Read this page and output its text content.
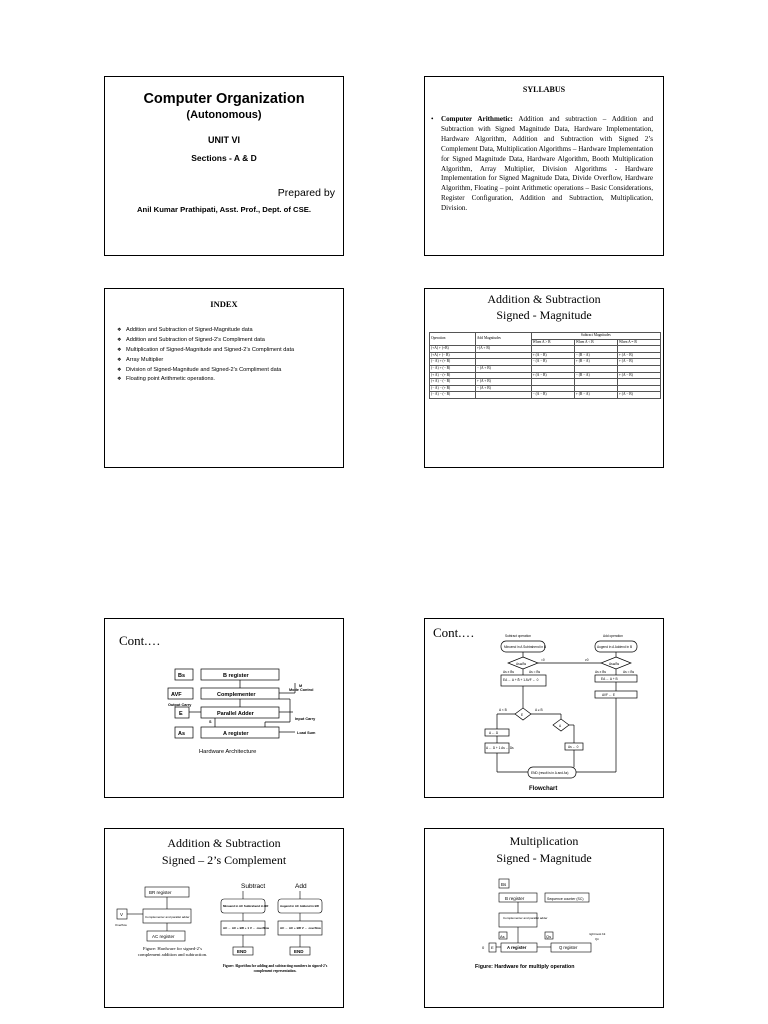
Computer Organization
(Autonomous)
UNIT VI
Sections - A & D
Prepared by
Anil Kumar Prathipati, Asst. Prof., Dept. of CSE.
SYLLABUS
• Computer Arithmetic: Addition and subtraction – Addition and Subtraction with Signed Magnitude Data, Hardware Implementation, Hardware Algorithm, Addition and Subtraction with Signed 2’s Complement Data, Multiplication Algorithms – Hardware Implementation for Signed Magnitude Data, Hardware Algorithm, Booth Multiplication Algorithm, Array Multiplier, Division Algorithms - Hardware Implementation for Signed Magnitude Data, Divide Overflow, Hardware Algorithm, Floating – point Arithmetic operations – Basic Considerations, Register Configuration, Addition and Subtraction, Multiplication, Division.
INDEX
❖ Addition and Subtraction of Signed-Magnitude data
❖ Addition and Subtraction of Signed-2’s Compliment data
❖ Multiplication of Signed-Magnitude and Signed-2’s Compliment data
❖ Array Multiplier
❖ Division of Signed-Magnitude and Signed-2’s Compliment data
❖ Floating point Arithmetic operations.
Addition & Subtraction
Signed - Magnitude
Operation	Add Magnitudes	Subtract Magnitudes		
		When A > B	When A < B	When A = B
(+A) + (+B)	+(A + B)			
(+A) + (− B)		+ (A − B)	− (B − A)	+ (A − B)
(− A) + (+ B)		− (A − B)	+ (B − A)	+ (A − B)
(− A) + (− B)	− (A + B)			
(+ A) − (+ B)		+ (A − B)	− (B − A)	+ (A − B)
(+ A) − (− B)	+ (A + B)			
(− A) − (+ B)	− (A + B)			
(− A) − (− B)		− (A − B)	+ (B − A)	+ (A − B)
Cont.…
Bs	B register
AVF	Complementer
E	Parallel Adder
As	A register
Mode Control
M
Output Carry
S
Input Carry
Load Sum
Hardware Architecture
Cont.…	Subtract operation	Add operation
Minuend in A Subtrahend in B	Augend in A Addend in B
As⊕Bs	As⊕Bs
=0	≠0
As ≠ Bs	As = Bs	As ≠ Bs	As = Bs
EA ← A + B̄ + 1 AVF ← 0	EA ← A + B
AVF ← E
A < B	A ≥ B
E
A
A ← Ā
A ← Ā + 1 As ← Ās	As ← 0
END (result is in A and As)
Flowchart
Addition & Subtraction
Signed – 2’s Complement
Subtract	Add
BR register
V
Overflow
Complementer and parallel adder
AC register
Minuend in AC Subtrahend in BR	Augend in AC Addend in BR
AC ← AC + BR + 1 V ← overflow	AC ← AC + BR V ← overflow
END	END
Figure: Hardware for signed-2’s complement addition and subtraction.
Figure: Algorithm for adding and subtracting numbers in signed-2’s complement representation.
Multiplication
Signed - Magnitude
Bs
B register	Sequence counter (SC)
Complementer and parallel adder
As	Qs
A register	Q register
rightmost bit
Qn
E
0
Figure: Hardware for multiply operation
